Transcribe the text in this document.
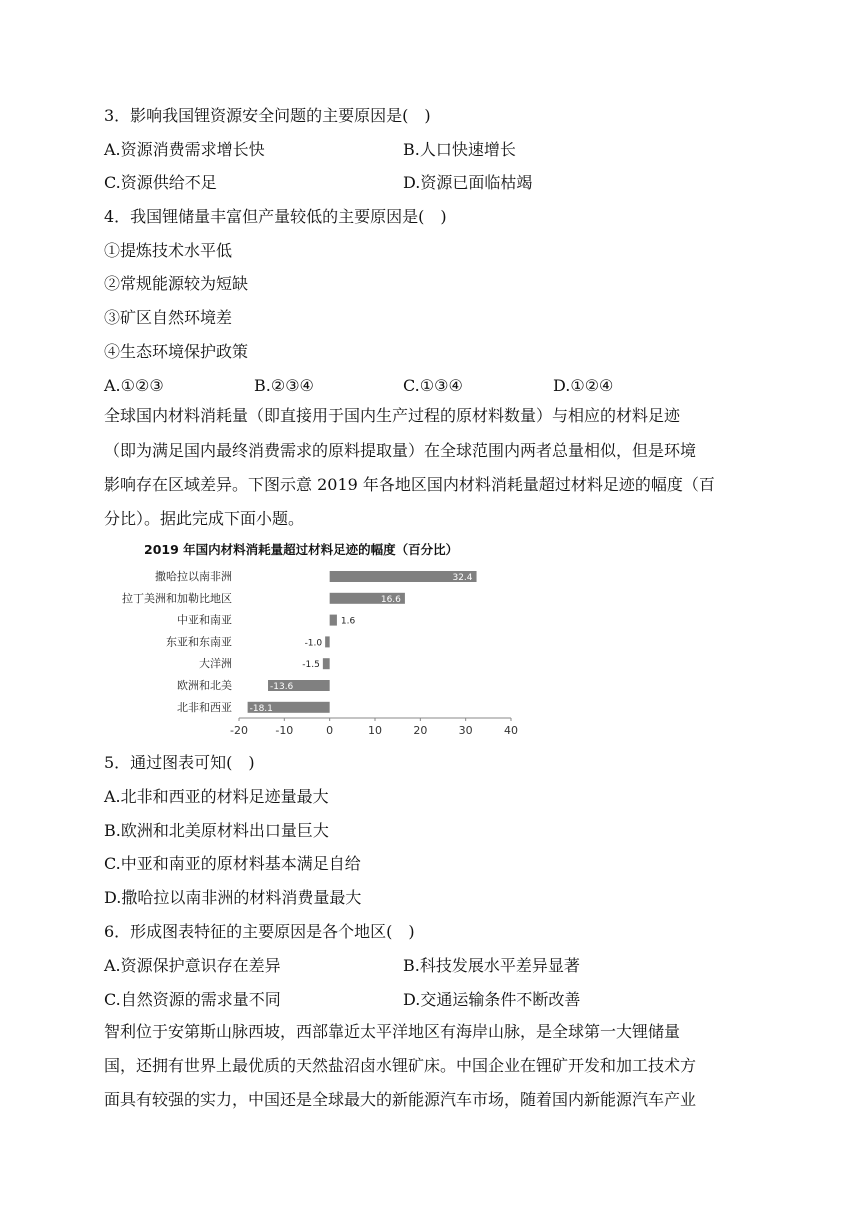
3．影响我国锂资源安全问题的主要原因是(　)
A.资源消费需求增长快	B.人口快速增长
C.资源供给不足	D.资源已面临枯竭
4．我国锂储量丰富但产量较低的主要原因是(　)
①提炼技术水平低
②常规能源较为短缺
③矿区自然环境差
④生态环境保护政策
A.①②③	B.②③④	C.①③④	D.①②④
全球国内材料消耗量（即直接用于国内生产过程的原材料数量）与相应的材料足迹
（即为满足国内最终消费需求的原料提取量）在全球范围内两者总量相似，但是环境
影响存在区域差异。下图示意 2019 年各地区国内材料消耗量超过材料足迹的幅度（百
分比）。据此完成下面小题。
2019 年国内材料消耗量超过材料足迹的幅度（百分比）
撒哈拉以南非洲	32.4
拉丁美洲和加勒比地区	16.6
中亚和南亚	1.6
东亚和东南亚	-1.0
大洋洲	-1.5
欧洲和北美	-13.6
北非和西亚 -18.1
-20 -10	0	10	20	30	40
5．通过图表可知(　)
A.北非和西亚的材料足迹量最大
B.欧洲和北美原材料出口量巨大
C.中亚和南亚的原材料基本满足自给
D.撒哈拉以南非洲的材料消费量最大
6．形成图表特征的主要原因是各个地区(　)
A.资源保护意识存在差异	B.科技发展水平差异显著
C.自然资源的需求量不同	D.交通运输条件不断改善
智利位于安第斯山脉西坡，西部靠近太平洋地区有海岸山脉，是全球第一大锂储量
国，还拥有世界上最优质的天然盐沼卤水锂矿床。中国企业在锂矿开发和加工技术方
面具有较强的实力，中国还是全球最大的新能源汽车市场，随着国内新能源汽车产业
